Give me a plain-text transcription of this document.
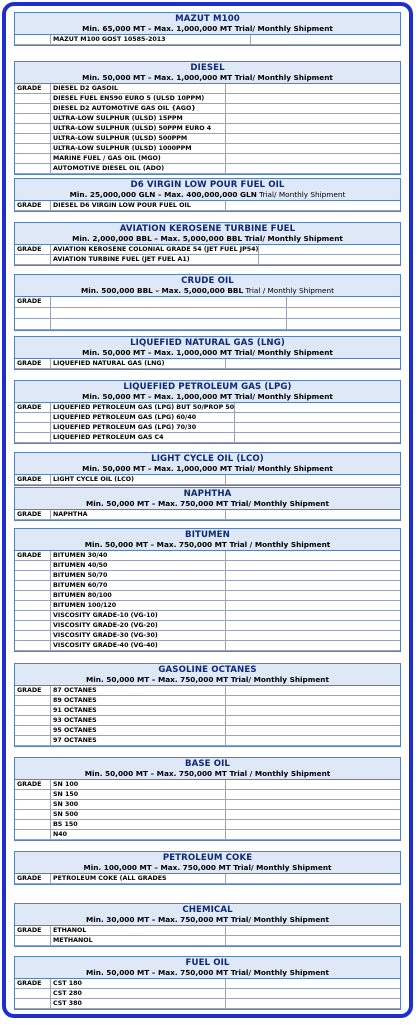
MAZUT M100
Min. 65,000 MT – Max. 1,000,000 MT Trial/ Monthly Shipment
MAZUT M100 GOST 10585-2013
DIESEL
Min. 50,000 MT – Max. 1,000,000 MT Trial/ Monthly Shipment
GRADE	DIESEL D2 GASOIL
DIESEL FUEL EN590 EURO 5 (ULSD 10PPM)
DIESEL D2 AUTOMOTIVE GAS OIL {AGO}
ULTRA-LOW SULPHUR (ULSD) 15PPM
ULTRA-LOW SULPHUR (ULSD) 50PPM EURO 4
ULTRA-LOW SULPHUR (ULSD) 500PPM
ULTRA-LOW SULPHUR (ULSD) 1000PPM
MARINE FUEL / GAS OIL (MGO)
AUTOMOTIVE DIESEL OIL (ADO)
D6 VIRGIN LOW POUR FUEL OIL
Min. 25,000,000 GLN – Max. 400,000,000 GLN Trial/ Monthly Shipment
GRADE	DIESEL D6 VIRGIN LOW POUR FUEL OIL
AVIATION KEROSENE TURBINE FUEL
Min. 2,000,000 BBL – Max. 5,000,000 BBL Trial/ Monthly Shipment
GRADE	AVIATION KEROSENE COLONIAL GRADE 54 (JET FUEL JP54)
AVIATION TURBINE FUEL (JET FUEL A1)
CRUDE OIL
Min. 500,000 BBL – Max. 5,000,000 BBL Trial / Monthly Shipment
GRADE
LIQUEFIED NATURAL GAS (LNG)
Min. 50,000 MT – Max. 1,000,000 MT Trial/ Monthly Shipment
GRADE	LIQUEFIED NATURAL GAS (LNG)
LIQUEFIED PETROLEUM GAS (LPG)
Min. 50,000 MT – Max. 1,000,000 MT Trial/ Monthly Shipment
GRADE	LIQUEFIED PETROLEUM GAS (LPG) BUT 50/PROP 50
LIQUEFIED PETROLEUM GAS (LPG) 60/40
LIQUEFIED PETROLEUM GAS (LPG) 70/30
LIQUEFIED PETROLEUM GAS C4
LIGHT CYCLE OIL (LCO)
Min. 50,000 MT – Max. 1,000,000 MT Trial/ Monthly Shipment
GRADE	LIGHT CYCLE OIL (LCO)
NAPHTHA
Min. 50,000 MT – Max. 750,000 MT Trial/ Monthly Shipment
GRADE	NAPHTHA
BITUMEN
Min. 50,000 MT – Max. 750,000 MT Trial / Monthly Shipment
GRADE	BITUMEN 30/40
BITUMEN 40/50
BITUMEN 50/70
BITUMEN 60/70
BITUMEN 80/100
BITUMEN 100/120
VISCOSITY GRADE-10 (VG-10)
VISCOSITY GRADE-20 (VG-20)
VISCOSITY GRADE-30 (VG-30)
VISCOSITY GRADE-40 (VG-40)
GASOLINE OCTANES
Min. 50,000 MT – Max. 750,000 MT Trial/ Monthly Shipment
GRADE	87 OCTANES
89 OCTANES
91 OCTANES
93 OCTANES
95 OCTANES
97 OCTANES
BASE OIL
Min. 50,000 MT – Max. 750,000 MT Trial / Monthly Shipment
GRADE	SN 100
SN 150
SN 300
SN 500
BS 150
N40
PETROLEUM COKE
Min. 100,000 MT – Max. 750,000 MT Trial/ Monthly Shipment
GRADE	PETROLEUM COKE (ALL GRADES
CHEMICAL
Min. 30,000 MT – Max. 750,000 MT Trial/ Monthly Shipment
GRADE	ETHANOL
METHANOL
FUEL OIL
Min. 50,000 MT – Max. 750,000 MT Trial/ Monthly Shipment
GRADE	CST 180
CST 280
CST 380
